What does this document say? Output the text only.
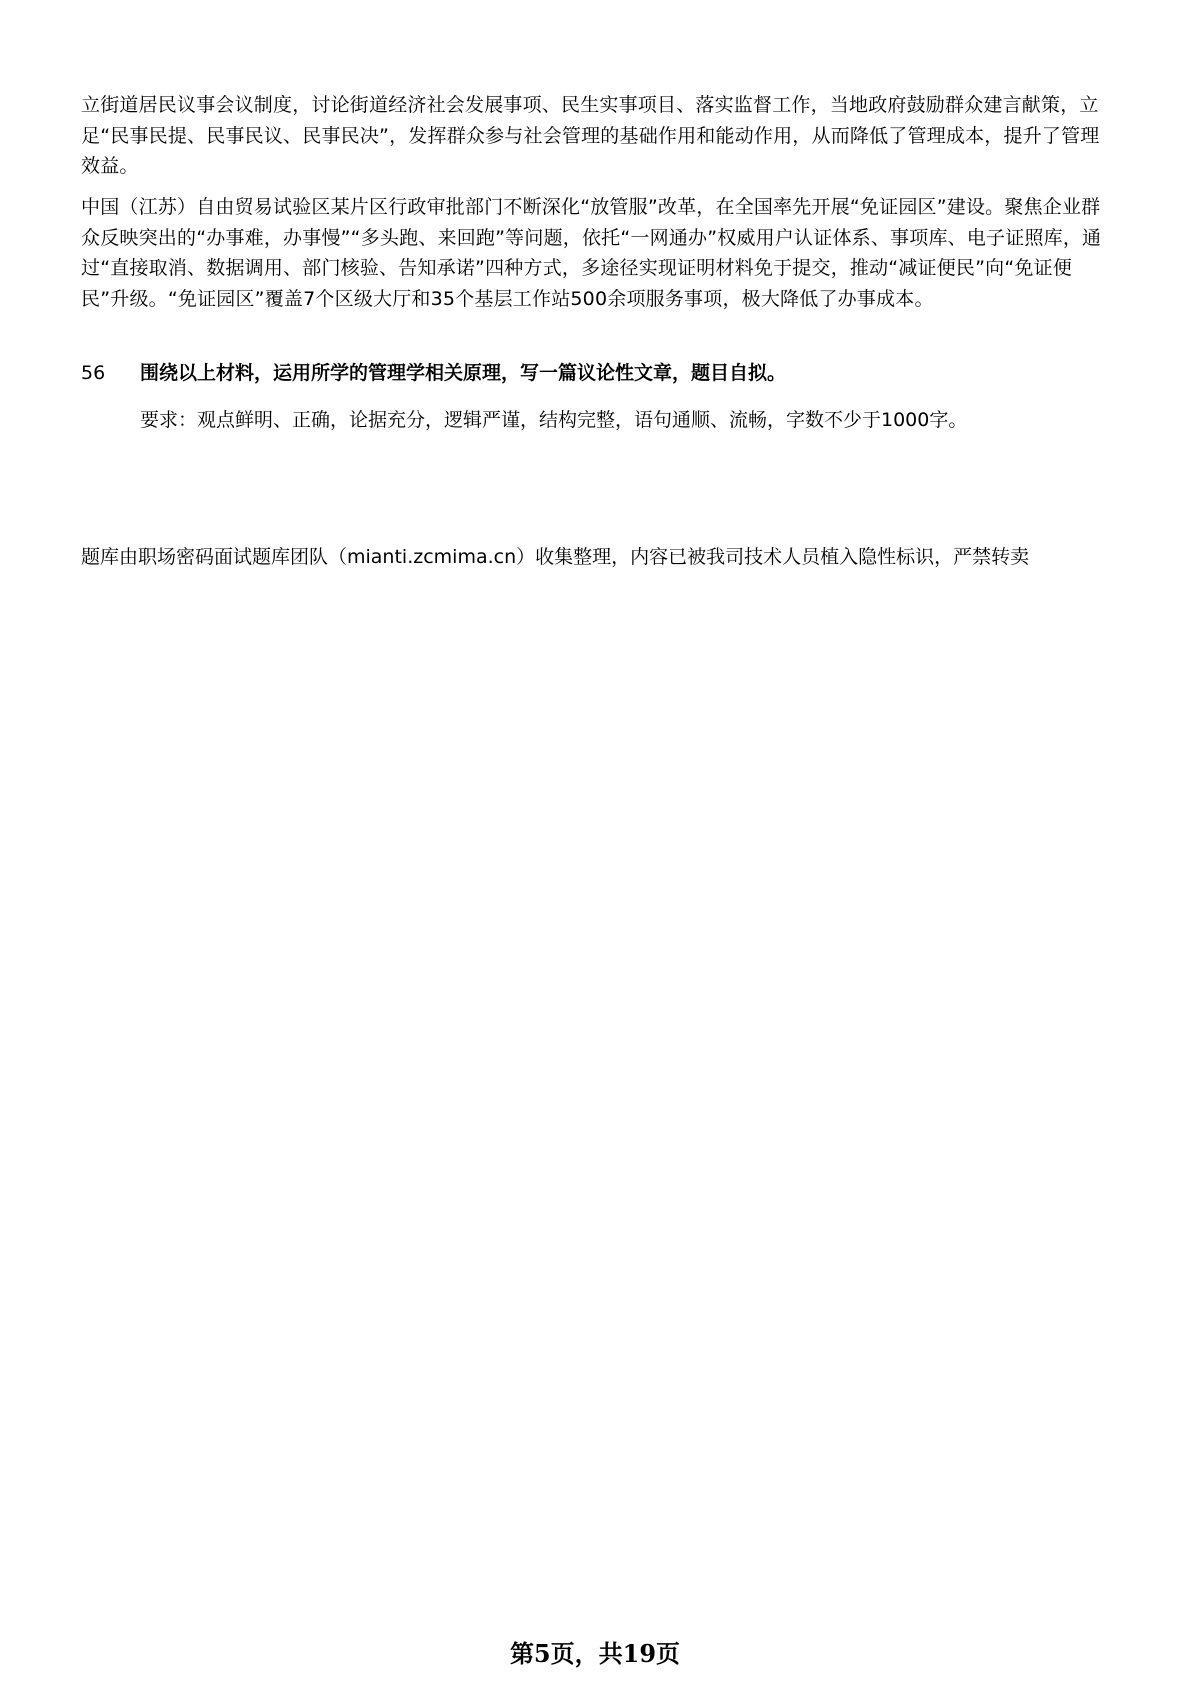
立街道居民议事会议制度，讨论街道经济社会发展事项、民生实事项目、落实监督工作，当地政府鼓励群众建言献策，立足“民事民提、民事民议、民事民决”，发挥群众参与社会管理的基础作用和能动作用，从而降低了管理成本，提升了管理效益。

中国（江苏）自由贸易试验区某片区行政审批部门不断深化“放管服”改革，在全国率先开展“免证园区”建设。聚焦企业群众反映突出的“办事难，办事慢”“多头跑、来回跑”等问题，依托“一网通办”权威用户认证体系、事项库、电子证照库，通过“直接取消、数据调用、部门核验、告知承诺”四种方式，多途径实现证明材料免于提交，推动“减证便民”向“免证便民”升级。“免证园区”覆盖7个区级大厅和35个基层工作站500余项服务事项，极大降低了办事成本。

56	围绕以上材料，运用所学的管理学相关原理，写一篇议论性文章，题目自拟。
要求：观点鲜明、正确，论据充分，逻辑严谨，结构完整，语句通顺、流畅，字数不少于1000字。
题库由职场密码面试题库团队（mianti.zcmima.cn）收集整理，内容已被我司技术人员植入隐性标识，严禁转卖
第5页，共19页
